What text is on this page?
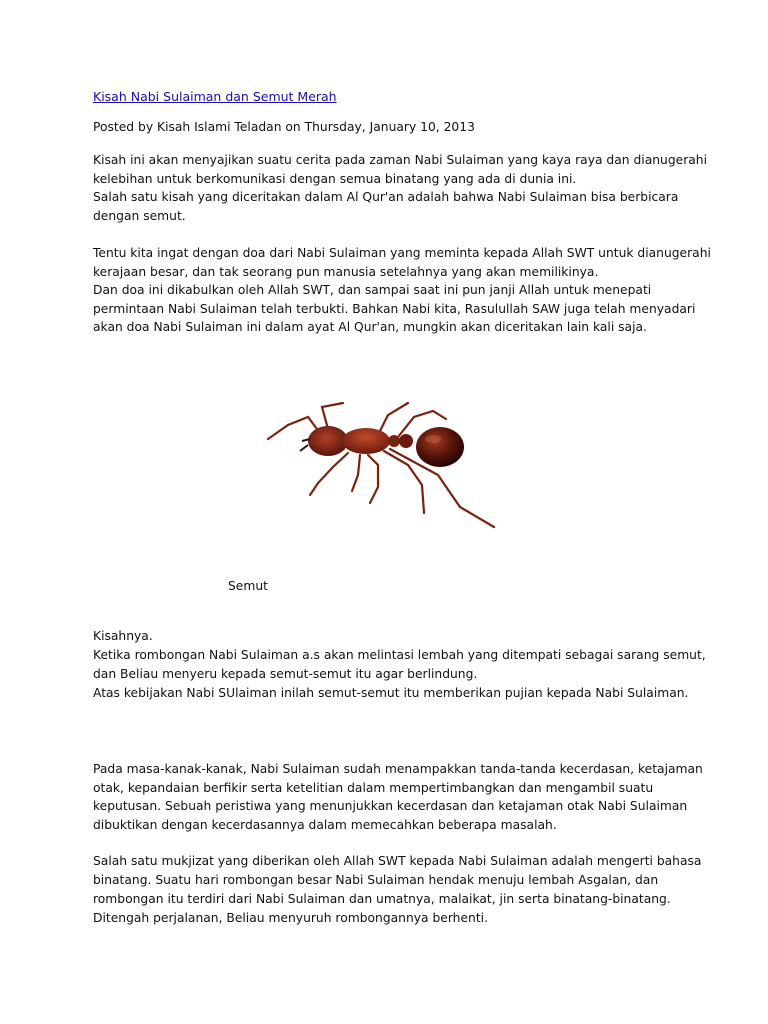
Kisah Nabi Sulaiman dan Semut Merah
Posted by Kisah Islami Teladan on Thursday, January 10, 2013
Kisah ini akan menyajikan suatu cerita pada zaman Nabi Sulaiman yang kaya raya dan dianugerahi
kelebihan untuk berkomunikasi dengan semua binatang yang ada di dunia ini.
Salah satu kisah yang diceritakan dalam Al Qur'an adalah bahwa Nabi Sulaiman bisa berbicara
dengan semut.
Tentu kita ingat dengan doa dari Nabi Sulaiman yang meminta kepada Allah SWT untuk dianugerahi
kerajaan besar, dan tak seorang pun manusia setelahnya yang akan memilikinya.
Dan doa ini dikabulkan oleh Allah SWT, dan sampai saat ini pun janji Allah untuk menepati
permintaan Nabi Sulaiman telah terbukti. Bahkan Nabi kita, Rasulullah SAW juga telah menyadari
akan doa Nabi Sulaiman ini dalam ayat Al Qur'an, mungkin akan diceritakan lain kali saja.
Semut
Kisahnya.
Ketika rombongan Nabi Sulaiman a.s akan melintasi lembah yang ditempati sebagai sarang semut,
dan Beliau menyeru kepada semut-semut itu agar berlindung.
Atas kebijakan Nabi SUlaiman inilah semut-semut itu memberikan pujian kepada Nabi Sulaiman.
Pada masa-kanak-kanak, Nabi Sulaiman sudah menampakkan tanda-tanda kecerdasan, ketajaman
otak, kepandaian berfikir serta ketelitian dalam mempertimbangkan dan mengambil suatu
keputusan. Sebuah peristiwa yang menunjukkan kecerdasan dan ketajaman otak Nabi Sulaiman
dibuktikan dengan kecerdasannya dalam memecahkan beberapa masalah.
Salah satu mukjizat yang diberikan oleh Allah SWT kepada Nabi Sulaiman adalah mengerti bahasa
binatang. Suatu hari rombongan besar Nabi Sulaiman hendak menuju lembah Asgalan, dan
rombongan itu terdiri dari Nabi Sulaiman dan umatnya, malaikat, jin serta binatang-binatang.
Ditengah perjalanan, Beliau menyuruh rombongannya berhenti.
